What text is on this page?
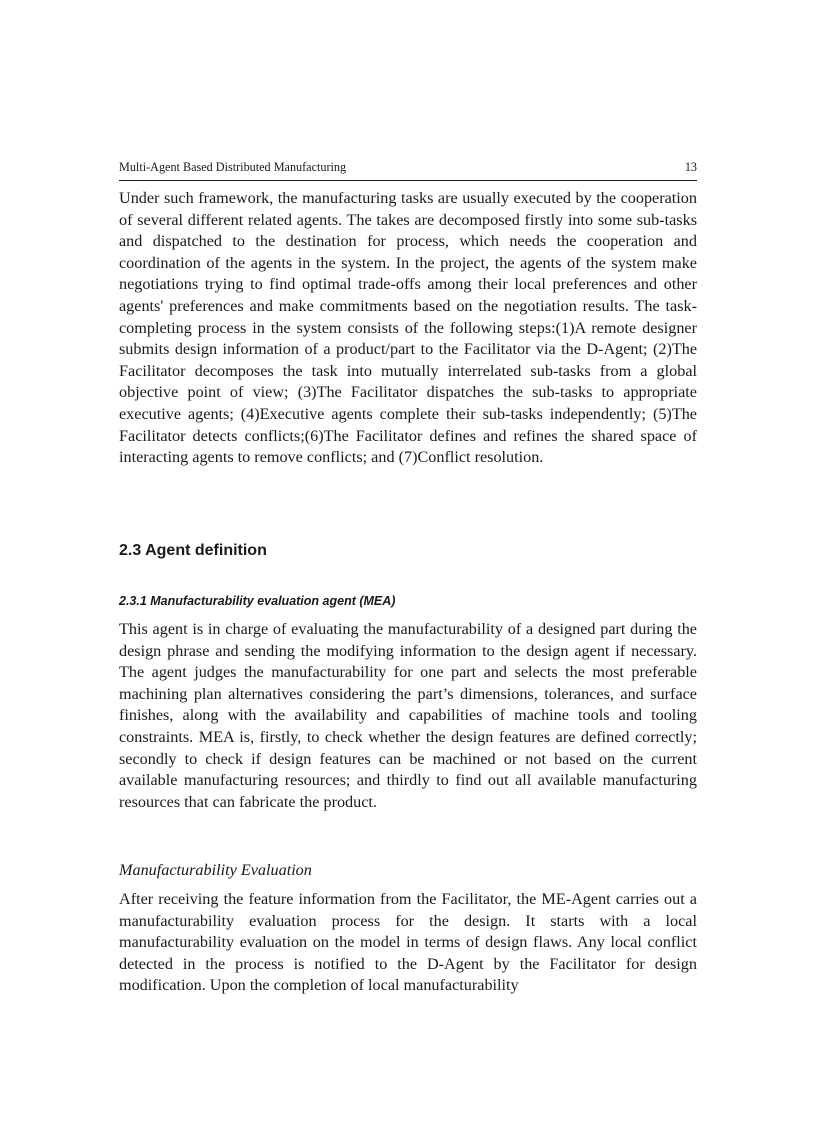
Multi-Agent Based Distributed Manufacturing	13

Under such framework, the manufacturing tasks are usually executed by the cooperation of several different related agents. The takes are decomposed firstly into some sub-tasks and dispatched to the destination for process, which needs the cooperation and coordination of the agents in the system. In the project, the agents of the system make negotiations trying to find optimal trade-offs among their local preferences and other agents' preferences and make commitments based on the negotiation results. The task-completing process in the system consists of the following steps:(1)A remote designer submits design information of a product/part to the Facilitator via the D-Agent; (2)The Facilitator decomposes the task into mutually interrelated sub-tasks from a global objective point of view; (3)The Facilitator dispatches the sub-tasks to appropriate executive agents; (4)Executive agents complete their sub-tasks independently; (5)The Facilitator detects conflicts;(6)The Facilitator defines and refines the shared space of interacting agents to remove conflicts; and (7)Conflict resolution.

2.3 Agent definition
2.3.1 Manufacturability evaluation agent (MEA)

This agent is in charge of evaluating the manufacturability of a designed part during the design phrase and sending the modifying information to the design agent if necessary. The agent judges the manufacturability for one part and selects the most preferable machining plan alternatives considering the part’s dimensions, tolerances, and surface finishes, along with the availability and capabilities of machine tools and tooling constraints. MEA is, firstly, to check whether the design features are defined correctly; secondly to check if design features can be machined or not based on the current available manufacturing resources; and thirdly to find out all available manufacturing resources that can fabricate the product.

Manufacturability Evaluation

After receiving the feature information from the Facilitator, the ME-Agent carries out a manufacturability evaluation process for the design. It starts with a local manufacturability evaluation on the model in terms of design flaws. Any local conflict detected in the process is notified to the D-Agent by the Facilitator for design modification. Upon the completion of local manufacturability
